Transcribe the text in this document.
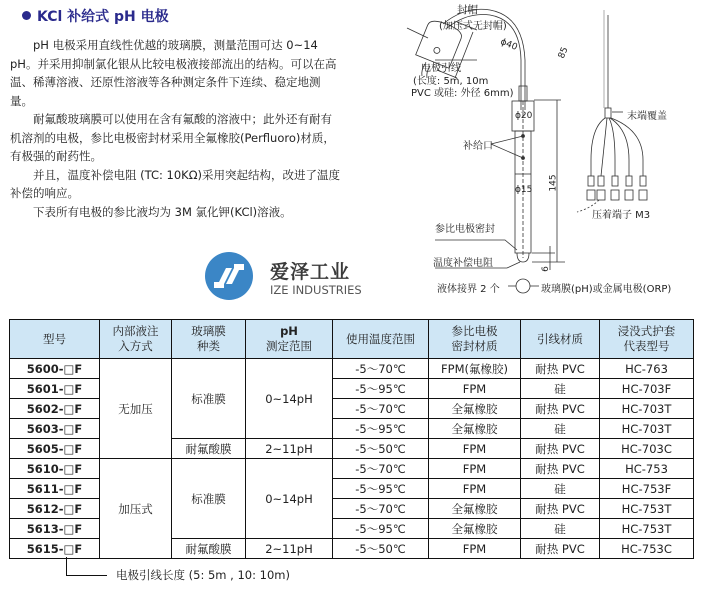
KCl 补给式 pH 电极

pH 电极采用直线性优越的玻璃膜，测量范围可达 0~14 pH。并采用抑制氯化银从比较电极液接部流出的结构。可以在高温、稀薄溶液、还原性溶液等各种测定条件下连续、稳定地测量。

耐氟酸玻璃膜可以使用在含有氟酸的溶液中；此外还有耐有机溶剂的电极，参比电极密封材采用全氟橡胶(Perfluoro)材质，有极强的耐药性。

并且，温度补偿电阻 (TC: 10KΩ)采用突起结构，改进了温度补偿的响应。

下表所有电极的参比液均为 3M 氯化钾(KCl)溶液。

爱泽工业
IZE INDUSTRIES
封帽
(加压式无封帽)
ϕ40
85
电极引线
(长度: 5m, 10m
PVC 或硅: 外径 6mm)
ϕ20
补给口
ϕ15 145
末端覆盖
压着端子 M3
参比电极密封
温度补偿电阻	6
液体接界 2 个	玻璃膜(pH)或金属电极(ORP)
型号	内部液注
入方式	玻璃膜
种类	pH
测定范围	使用温度范围	参比电极
密封材质	引线材质	浸没式护套
代表型号
5600-□F	无加压	标准膜	0~14pH	-5～70℃	FPM(氟橡胶)	耐热 PVC	HC-763
5601-□F				-5～95℃	FPM	硅	HC-703F
5602-□F				-5～70℃	全氟橡胶	耐热 PVC	HC-703T
5603-□F				-5～95℃	全氟橡胶	硅	HC-703T
5605-□F		耐氟酸膜	2~11pH	-5～50℃	FPM	耐热 PVC	HC-703C
5610-□F	加压式	标准膜	0~14pH	-5～70℃	FPM	耐热 PVC	HC-753
5611-□F				-5～95℃	FPM	硅	HC-753F
5612-□F				-5～70℃	全氟橡胶	耐热 PVC	HC-753T
5613-□F				-5～95℃	全氟橡胶	硅	HC-753T
5615-□F		耐氟酸膜	2~11pH	-5～50℃	FPM	耐热 PVC	HC-753C
电极引线长度 (5: 5m , 10: 10m)
